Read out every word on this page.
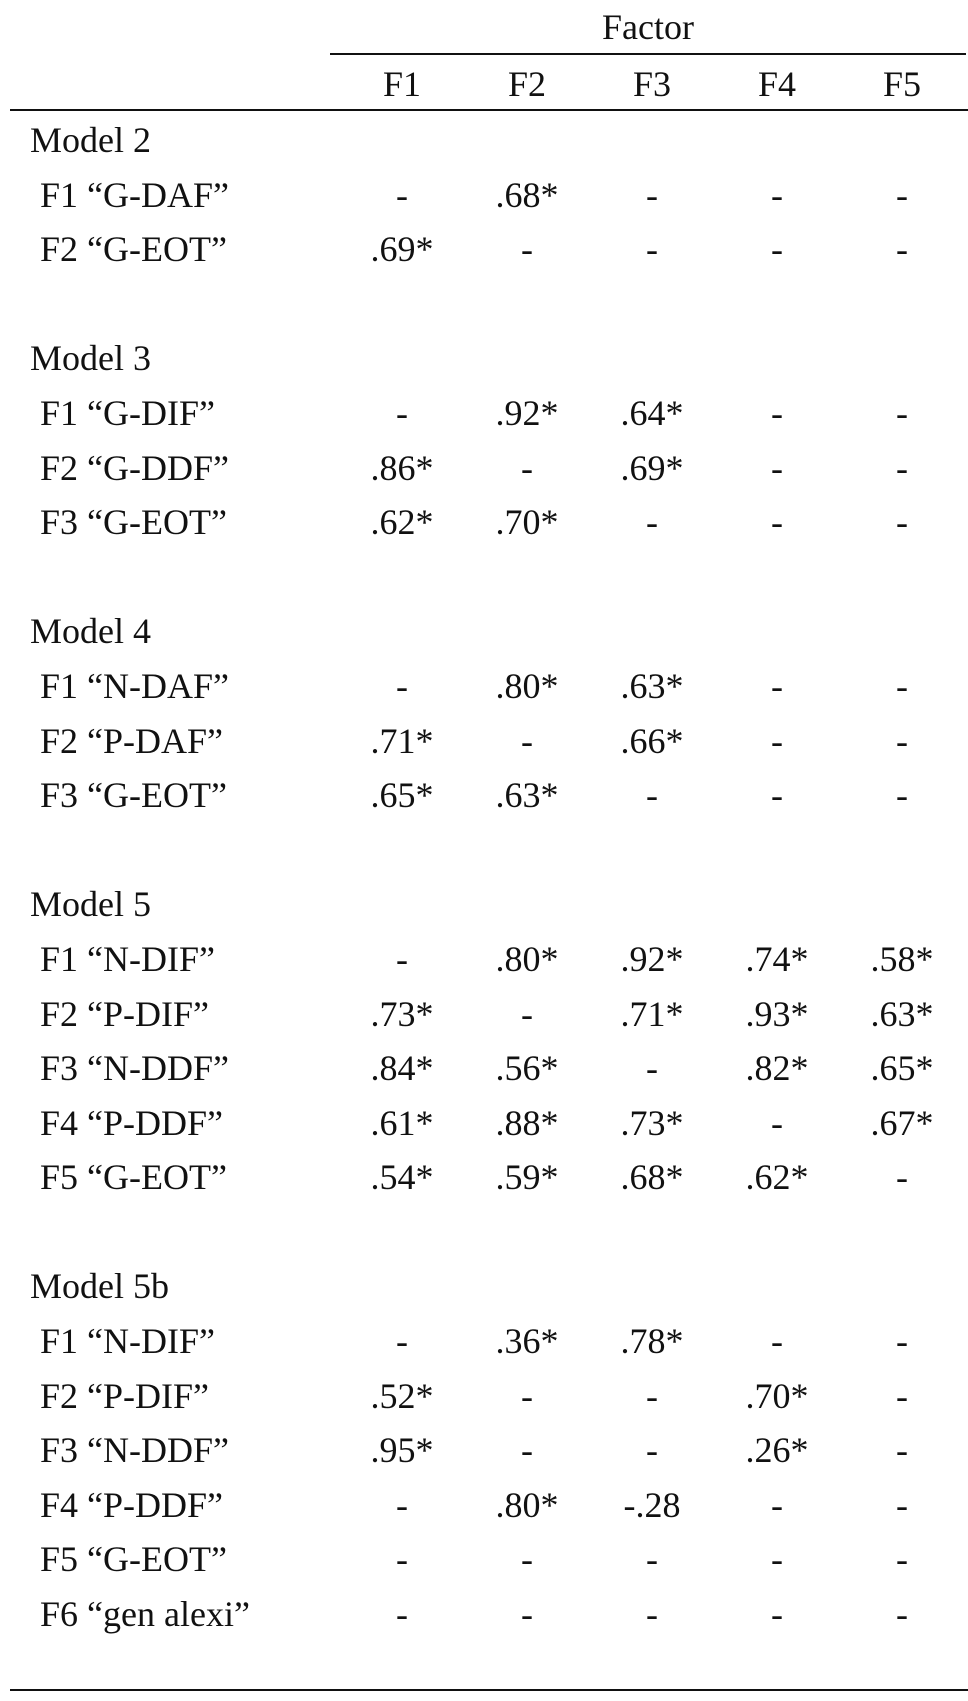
Factor
F1	F2	F3	F4	F5
Model 2
F1 “G-DAF”	-	.68*	-	-	-
F2 “G-EOT”	.69*	-	-	-	-
Model 3
F1 “G-DIF”	-	.92*	.64*	-	-
F2 “G-DDF”	.86*	-	.69*	-	-
F3 “G-EOT”	.62*	.70*	-	-	-
Model 4
F1 “N-DAF”	-	.80*	.63*	-	-
F2 “P-DAF”	.71*	-	.66*	-	-
F3 “G-EOT”	.65*	.63*	-	-	-
Model 5
F1 “N-DIF”	-	.80*	.92*	.74*	.58*
F2 “P-DIF”	.73*	-	.71*	.93*	.63*
F3 “N-DDF”	.84*	.56*	-	.82*	.65*
F4 “P-DDF”	.61*	.88*	.73*	-	.67*
F5 “G-EOT”	.54*	.59*	.68*	.62*	-
Model 5b
F1 “N-DIF”	-	.36*	.78*	-	-
F2 “P-DIF”	.52*	-	-	.70*	-
F3 “N-DDF”	.95*	-	-	.26*	-
F4 “P-DDF”	-	.80*	-.28	-	-
F5 “G-EOT”	-	-	-	-	-
F6 “gen alexi”	-	-	-	-	-
